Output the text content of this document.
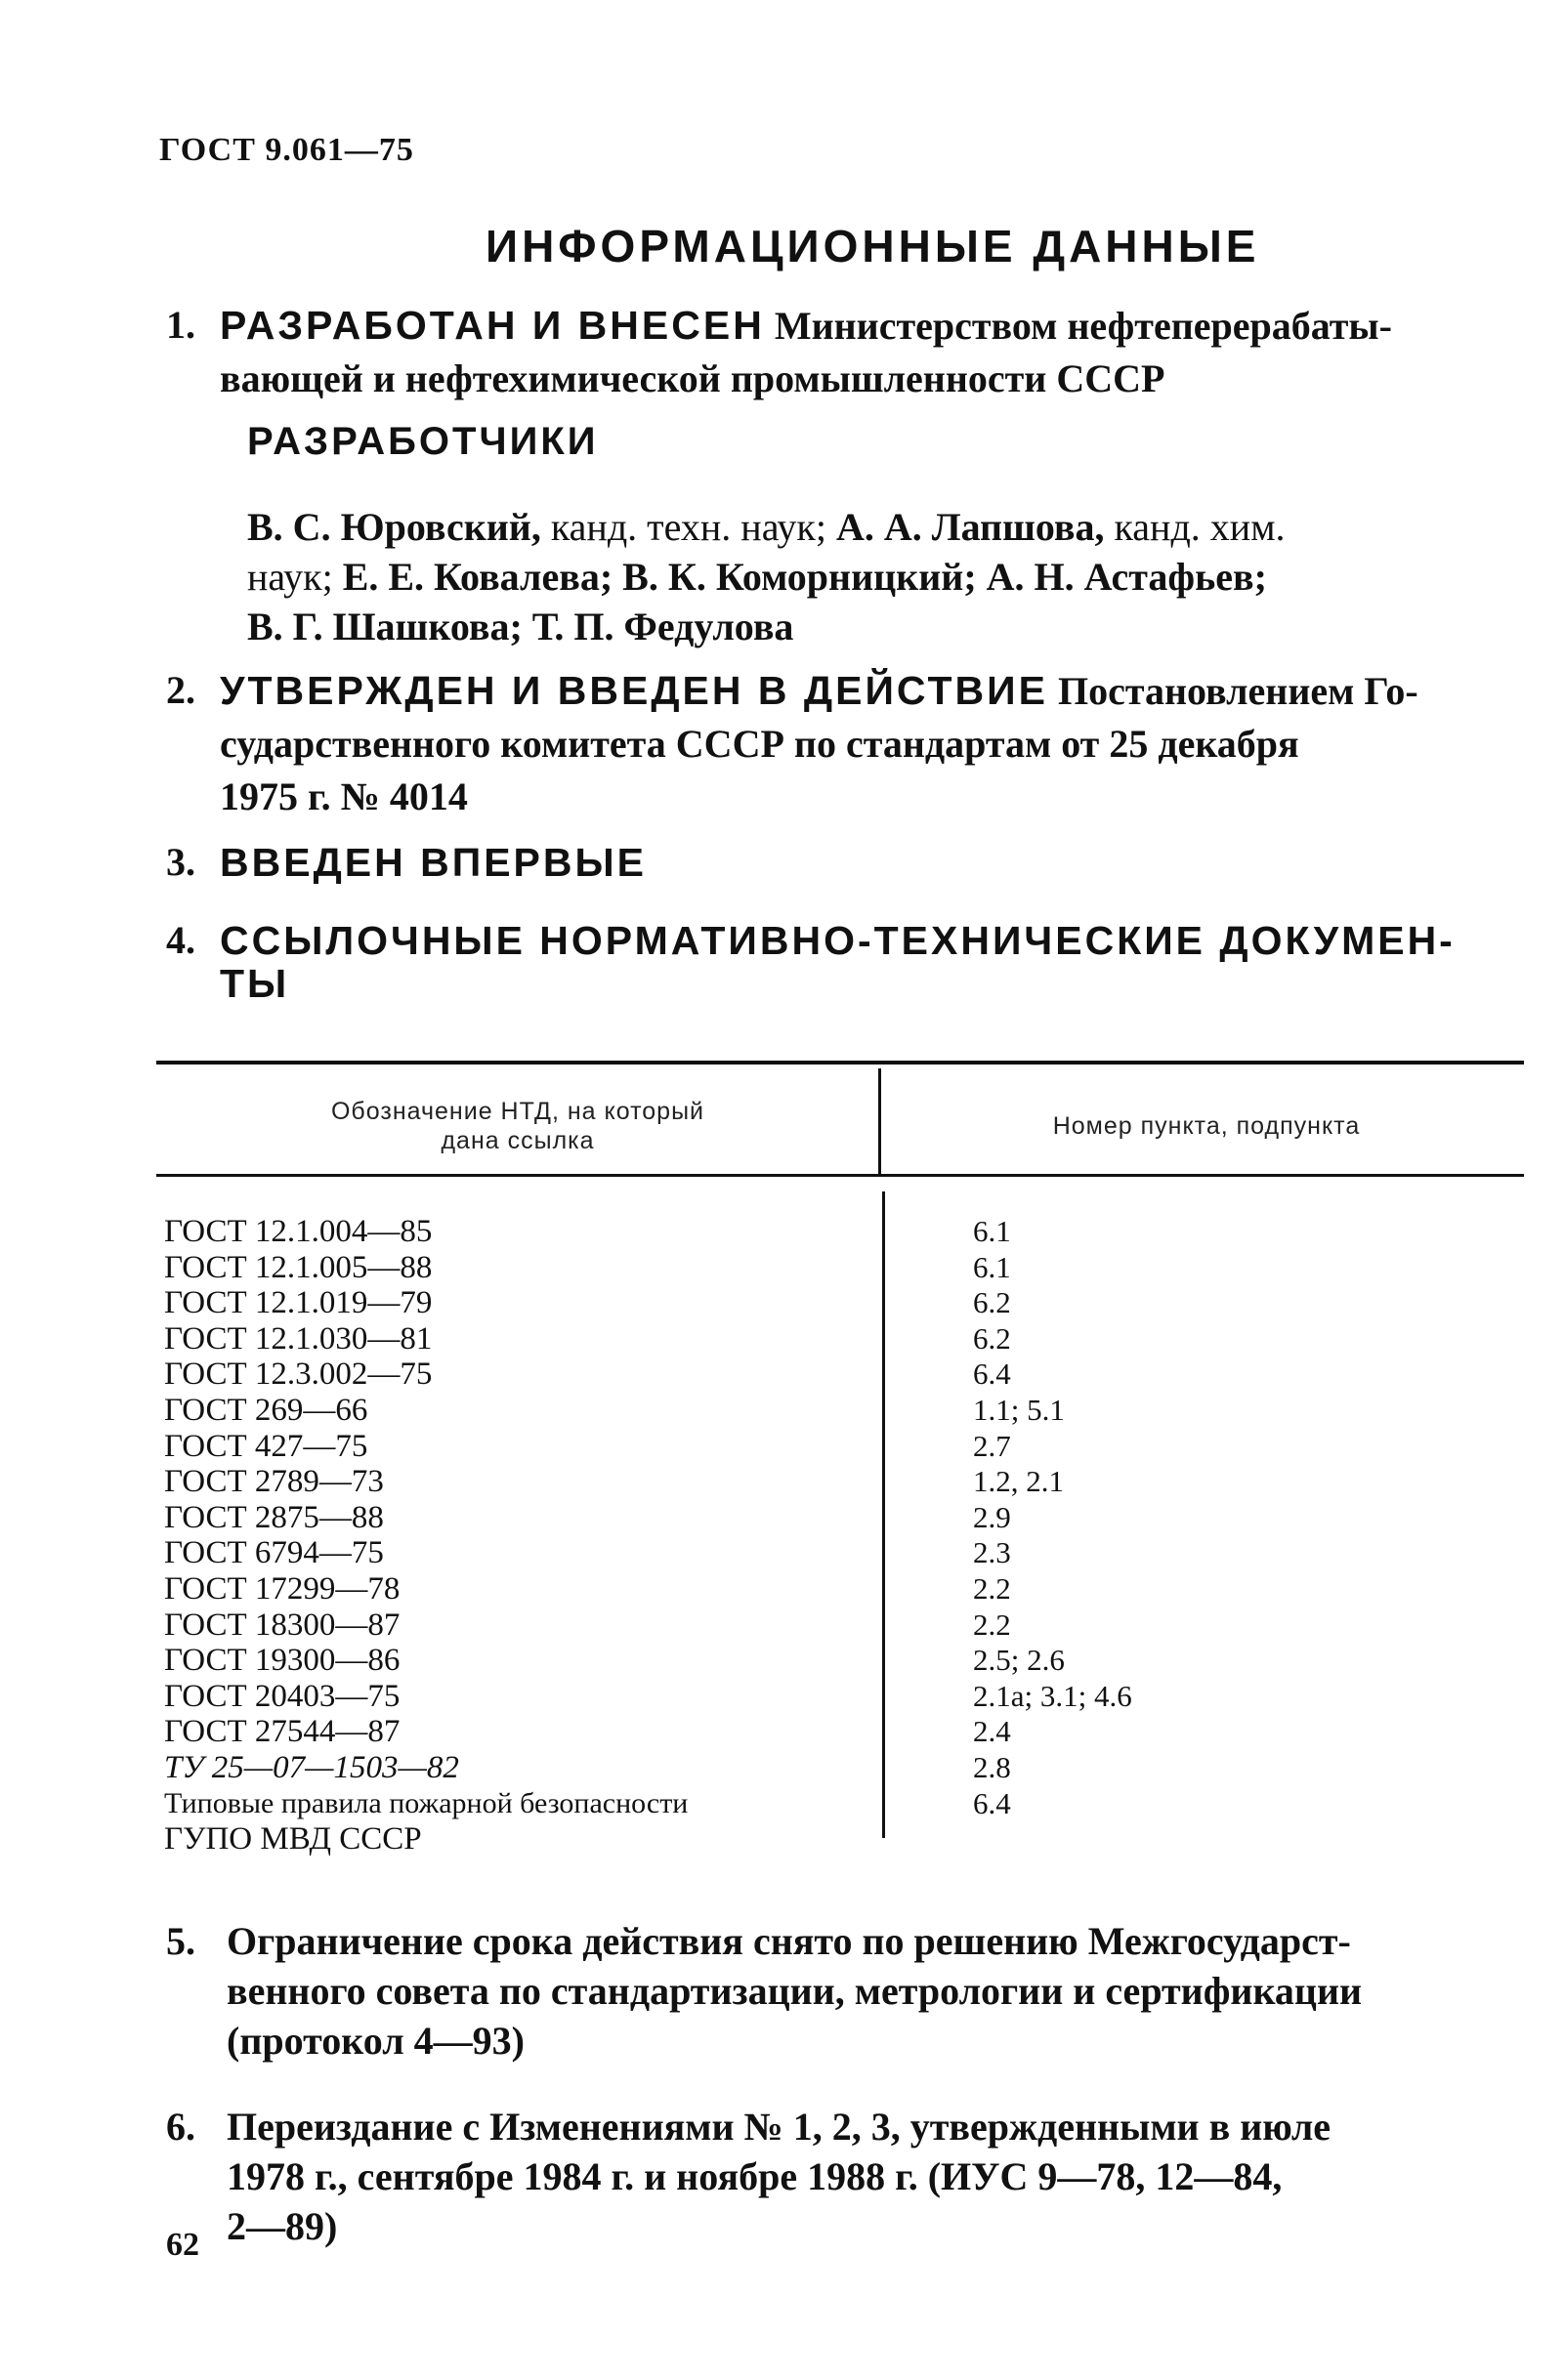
ГОСТ 9.061—75
ИНФОРМАЦИОННЫЕ ДАННЫЕ
1. РАЗРАБОТАН И ВНЕСЕН Министерством нефтеперерабаты-
вающей и нефтехимической промышленности СССР
РАЗРАБОТЧИКИ
В. С. Юровский, канд. техн. наук; А. А. Лапшова, канд. хим.
наук; Е. Е. Ковалева; В. К. Коморницкий; А. Н. Астафьев;
В. Г. Шашкова; Т. П. Федулова
2. УТВЕРЖДЕН И ВВЕДЕН В ДЕЙСТВИЕ Постановлением Го-
сударственного комитета СССР по стандартам от 25 декабря
1975 г. № 4014
3. ВВЕДЕН ВПЕРВЫЕ
4. ССЫЛОЧНЫЕ НОРМАТИВНО-ТЕХНИЧЕСКИЕ ДОКУМЕН-
ТЫ
Обозначение НТД, на который
дана ссылка
Номер пункта, подпункта
ГОСТ 12.1.004—85
ГОСТ 12.1.005—88
ГОСТ 12.1.019—79
ГОСТ 12.1.030—81
ГОСТ 12.3.002—75
ГОСТ 269—66
ГОСТ 427—75
ГОСТ 2789—73
ГОСТ 2875—88
ГОСТ 6794—75
ГОСТ 17299—78
ГОСТ 18300—87
ГОСТ 19300—86
ГОСТ 20403—75
ГОСТ 27544—87
ТУ 25—07—1503—82
Типовые правила пожарной безопасности
ГУПО МВД СССР
6.1
6.1
6.2
6.2
6.4
1.1; 5.1
2.7
1.2, 2.1
2.9
2.3
2.2
2.2
2.5; 2.6
2.1а; 3.1; 4.6
2.4
2.8
6.4
5. Ограничение срока действия снято по решению Межгосударст-
венного совета по стандартизации, метрологии и сертификации
(протокол 4—93)
6. Переиздание с Изменениями № 1, 2, 3, утвержденными в июле
1978 г., сентябре 1984 г. и ноябре 1988 г. (ИУС 9—78, 12—84,
2—89)
62
